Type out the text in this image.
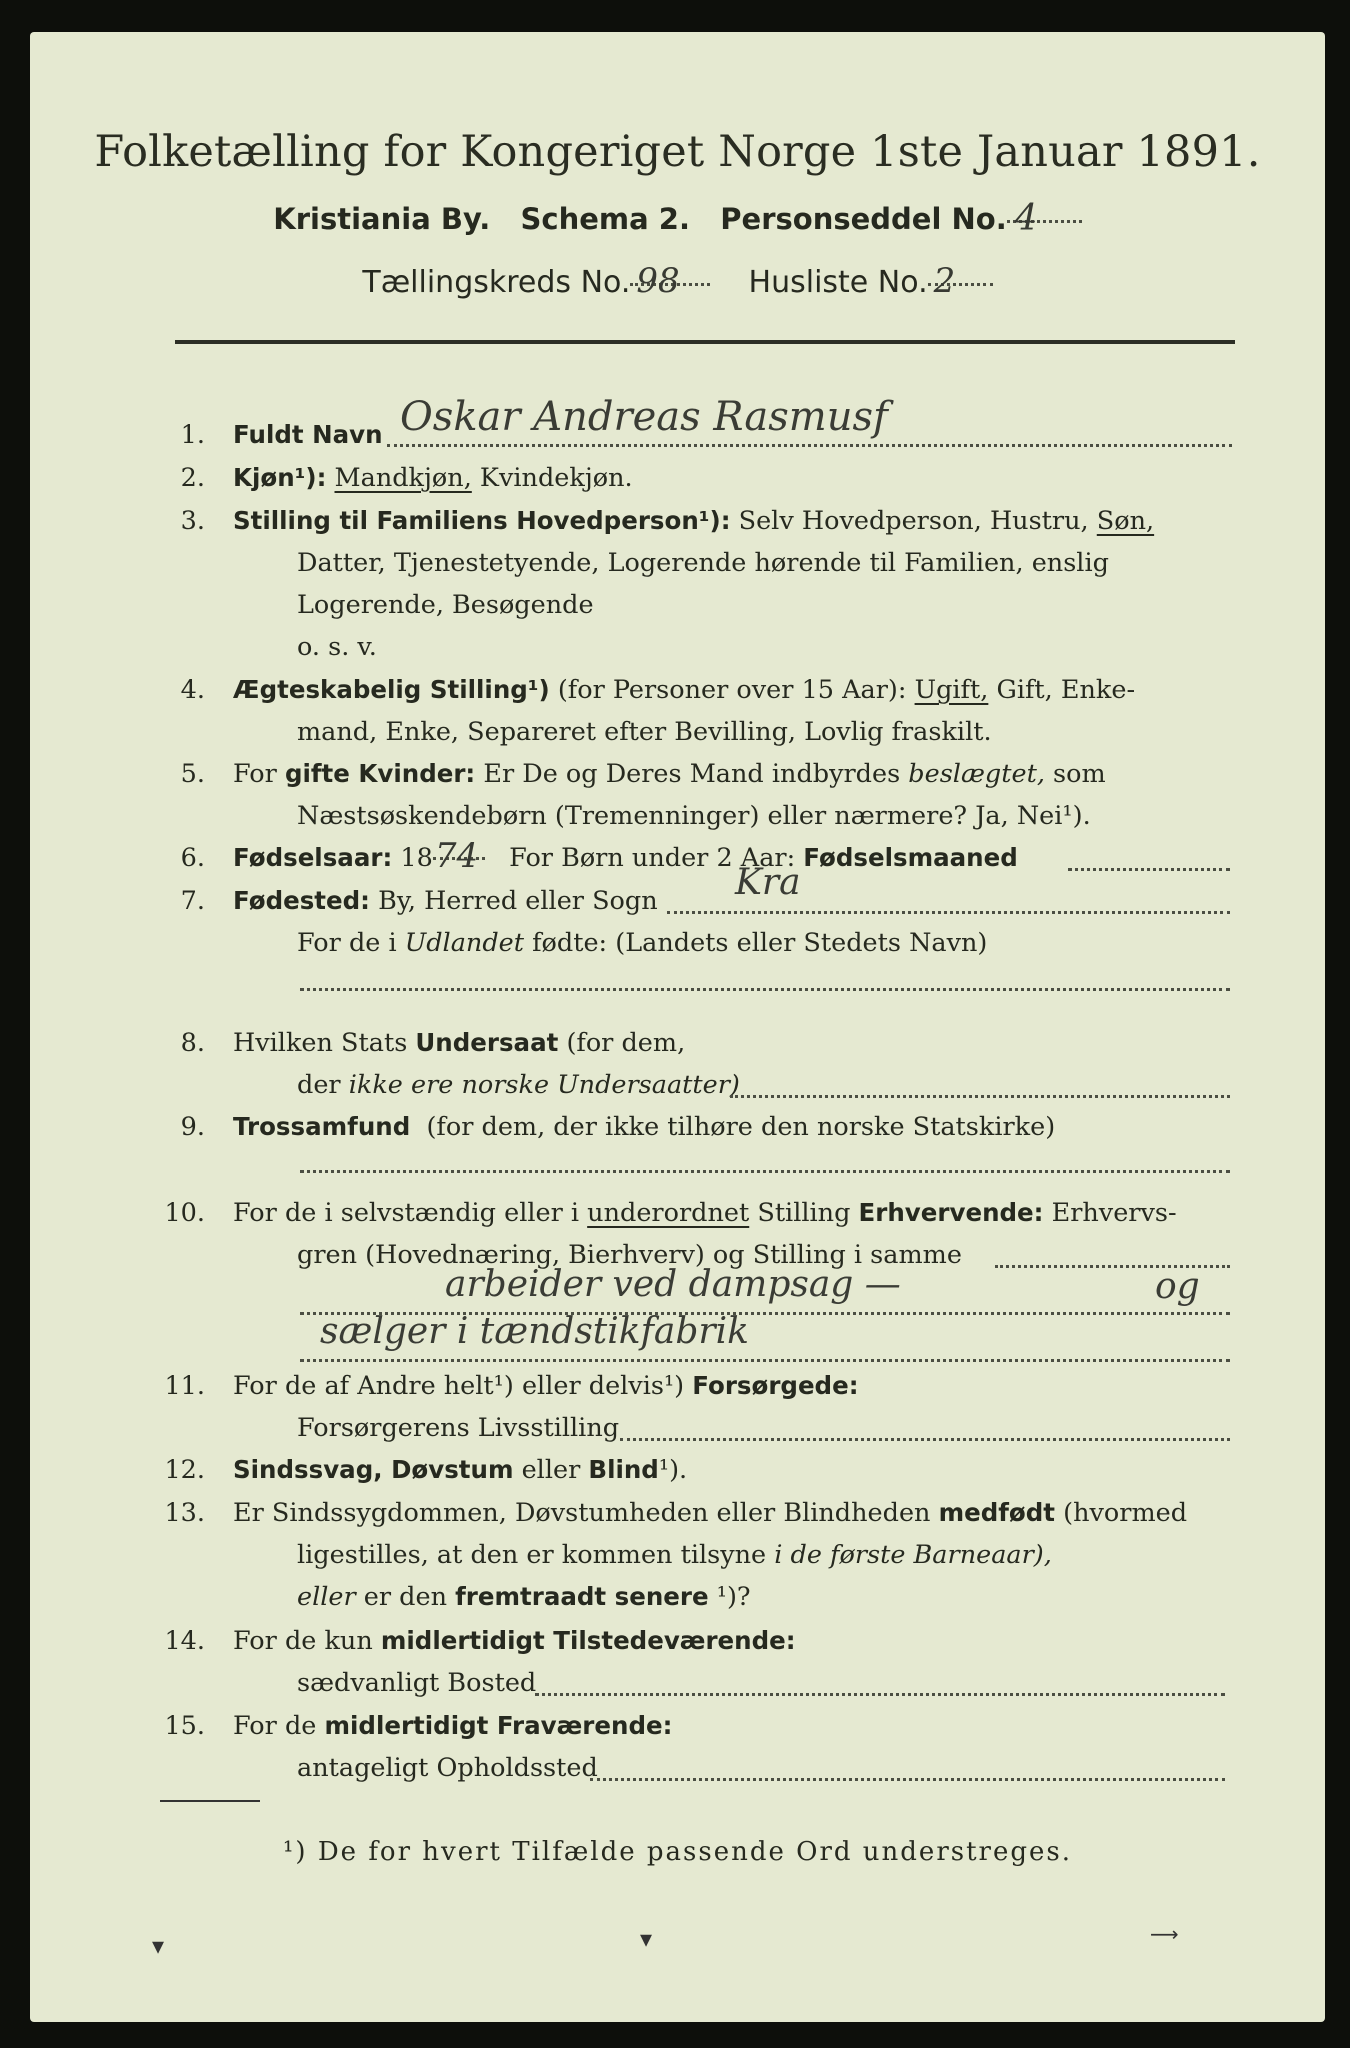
Folketælling for Kongeriget Norge 1ste Januar 1891.
Kristiania By. Schema 2. Personseddel No. 4
Tællingskreds No. 98 Husliste No. 2
1. Fuldt Navn Oskar Andreas Rasmusf
2. Kjøn¹): Mandkjøn, Kvindekjøn.
3. Stilling til Familiens Hovedperson¹): Selv Hovedperson, Hustru, Søn,
Datter, Tjenestetyende, Logerende hørende til Familien, enslig
Logerende, Besøgende
o. s. v.
4. Ægteskabelig Stilling¹) (for Personer over 15 Aar): Ugift, Gift, Enke-
mand, Enke, Separeret efter Bevilling, Lovlig fraskilt.
5. For gifte Kvinder: Er De og Deres Mand indbyrdes beslægtet, som
Næstsøskendebørn (Tremenninger) eller nærmere? Ja, Nei¹).
6. Fødselsaar: 18 74 For Børn under 2 Aar: Fødselsmaaned
7. Fødested: By, Herred eller Sogn Kra
For de i Udlandet fødte: (Landets eller Stedets Navn)
8. Hvilken Stats Undersaat (for dem,
der ikke ere norske Undersaatter)
9. Trossamfund (for dem, der ikke tilhøre den norske Statskirke)
10. For de i selvstændig eller i underordnet Stilling Erhvervende: Erhvervs-
gren (Hovednæring, Bierhverv) og Stilling i samme
arbeider ved dampsag —	og
sælger i tændstikfabrik
11. For de af Andre helt¹) eller delvis¹) Forsørgede:
Forsørgerens Livsstilling
12. Sindssvag, Døvstum eller Blind¹).
13. Er Sindssygdommen, Døvstumheden eller Blindheden medfødt (hvormed
ligestilles, at den er kommen tilsyne i de første Barneaar),
eller er den fremtraadt senere ¹)?
14. For de kun midlertidigt Tilstedeværende:
sædvanligt Bosted
15. For de midlertidigt Fraværende:
antageligt Opholdssted
¹) De for hvert Tilfælde passende Ord understreges.
▾	▾	⟶
